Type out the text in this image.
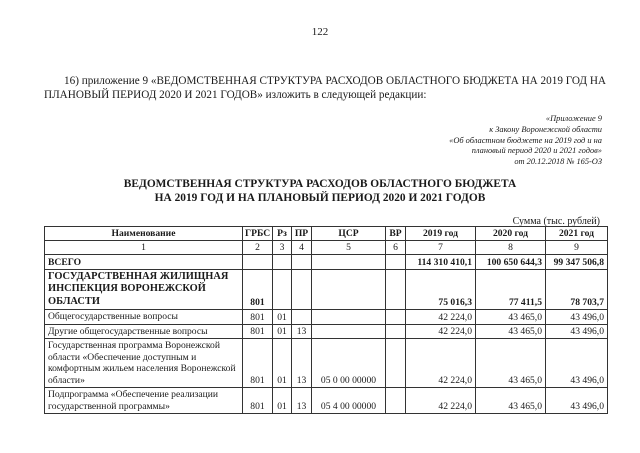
122
16) приложение 9 «ВЕДОМСТВЕННАЯ СТРУКТУРА РАСХОДОВ ОБЛАСТНОГО БЮДЖЕТА НА 2019 ГОД НА ПЛАНОВЫЙ ПЕРИОД 2020 И 2021 ГОДОВ» изложить в следующей редакции:
«Приложение 9
к Закону Воронежской области
«Об областном бюджете на 2019 год и на
плановый период 2020 и 2021 годов»
от 20.12.2018 № 165-ОЗ
ВЕДОМСТВЕННАЯ СТРУКТУРА РАСХОДОВ ОБЛАСТНОГО БЮДЖЕТА
НА 2019 ГОД И НА ПЛАНОВЫЙ ПЕРИОД 2020 И 2021 ГОДОВ
Сумма (тыс. рублей)
Наименование	ГРБС	Рз	ПР	ЦСР	ВР	2019 год	2020 год	2021 год
1	2	3	4	5	6	7	8	9
ВСЕГО						114 310 410,1	100 650 644,3	99 347 506,8
ГОСУДАРСТВЕННАЯ ЖИЛИЩНАЯ ИНСПЕКЦИЯ ВОРОНЕЖСКОЙ ОБЛАСТИ	801					75 016,3	77 411,5	78 703,7
Общегосударственные вопросы	801	01				42 224,0	43 465,0	43 496,0
Другие общегосударственные вопросы	801	01	13			42 224,0	43 465,0	43 496,0
Государственная программа Воронежской области «Обеспечение доступным и комфортным жильем населения Воронежской области»	801	01	13	05 0 00 00000		42 224,0	43 465,0	43 496,0
Подпрограмма «Обеспечение реализации государственной программы»	801	01	13	05 4 00 00000		42 224,0	43 465,0	43 496,0
